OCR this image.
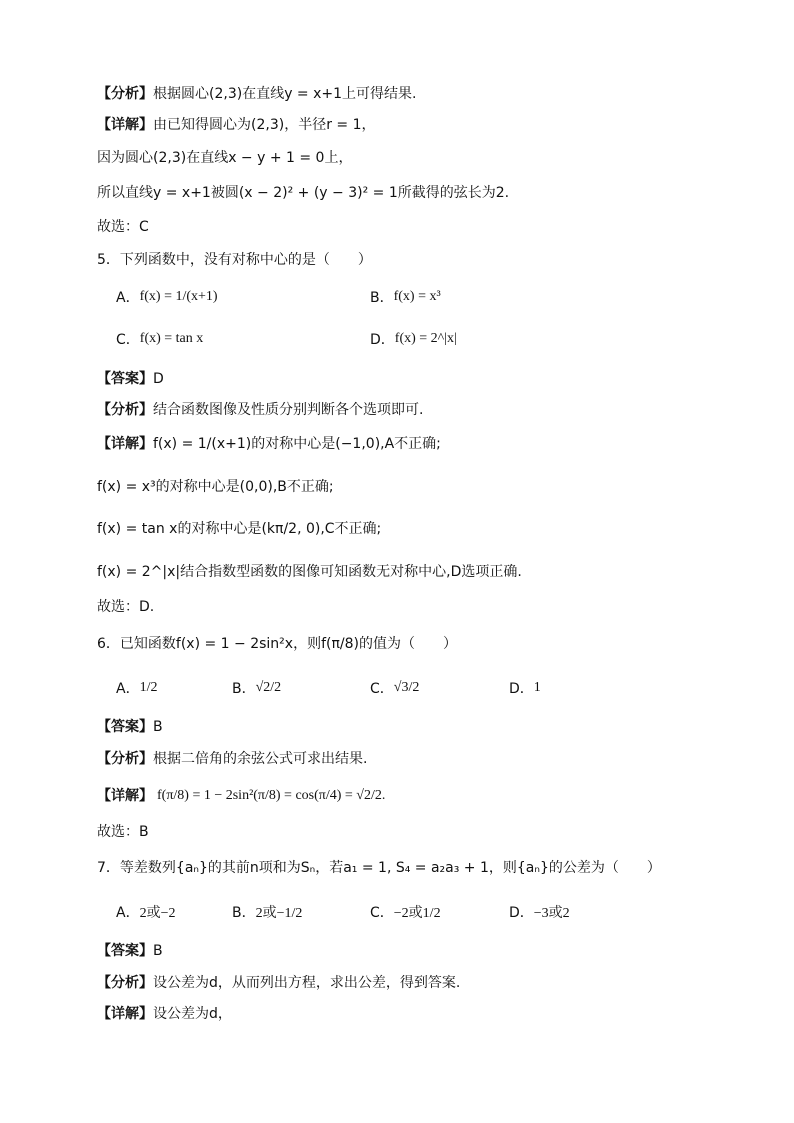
【分析】 根据圆心(2,3)在直线y = x+1上可得结果.
【详解】 由已知得圆心为(2,3)，半径r = 1，
因为圆心(2,3)在直线x − y + 1 = 0上，
所以直线y = x+1被圆(x − 2)² + (y − 3)² = 1所截得的弦长为2.
故选：C
5．下列函数中，没有对称中心的是（　　）
A． f(x) = 1/(x+1)	B． f(x) = x³
C． f(x) = tan x	D． f(x) = 2^|x|
【答案】 D
【分析】 结合函数图像及性质分别判断各个选项即可.
【详解】 f(x) = 1/(x+1)的对称中心是(−1,0),A不正确;
f(x) = x³的对称中心是(0,0),B不正确;
f(x) = tan x的对称中心是(kπ/2, 0),C不正确;
f(x) = 2^|x|结合指数型函数的图像可知函数无对称中心,D选项正确.
故选：D.
6．已知函数f(x) = 1 − 2sin²x，则f(π/8)的值为（　　）
A． 1/2	B． √2/2	C． √3/2	D． 1
【答案】 B
【分析】 根据二倍角的余弦公式可求出结果.
【详解】 f(π/8) = 1 − 2sin²(π/8) = cos(π/4) = √2/2.
故选：B
7．等差数列{aₙ}的其前n项和为Sₙ，若a₁ = 1, S₄ = a₂a₃ + 1，则{aₙ}的公差为（　　）
A． 2或−2	B． 2或−1/2	C． −2或1/2	D． −3或2
【答案】 B
【分析】 设公差为d，从而列出方程，求出公差，得到答案.
【详解】 设公差为d，
